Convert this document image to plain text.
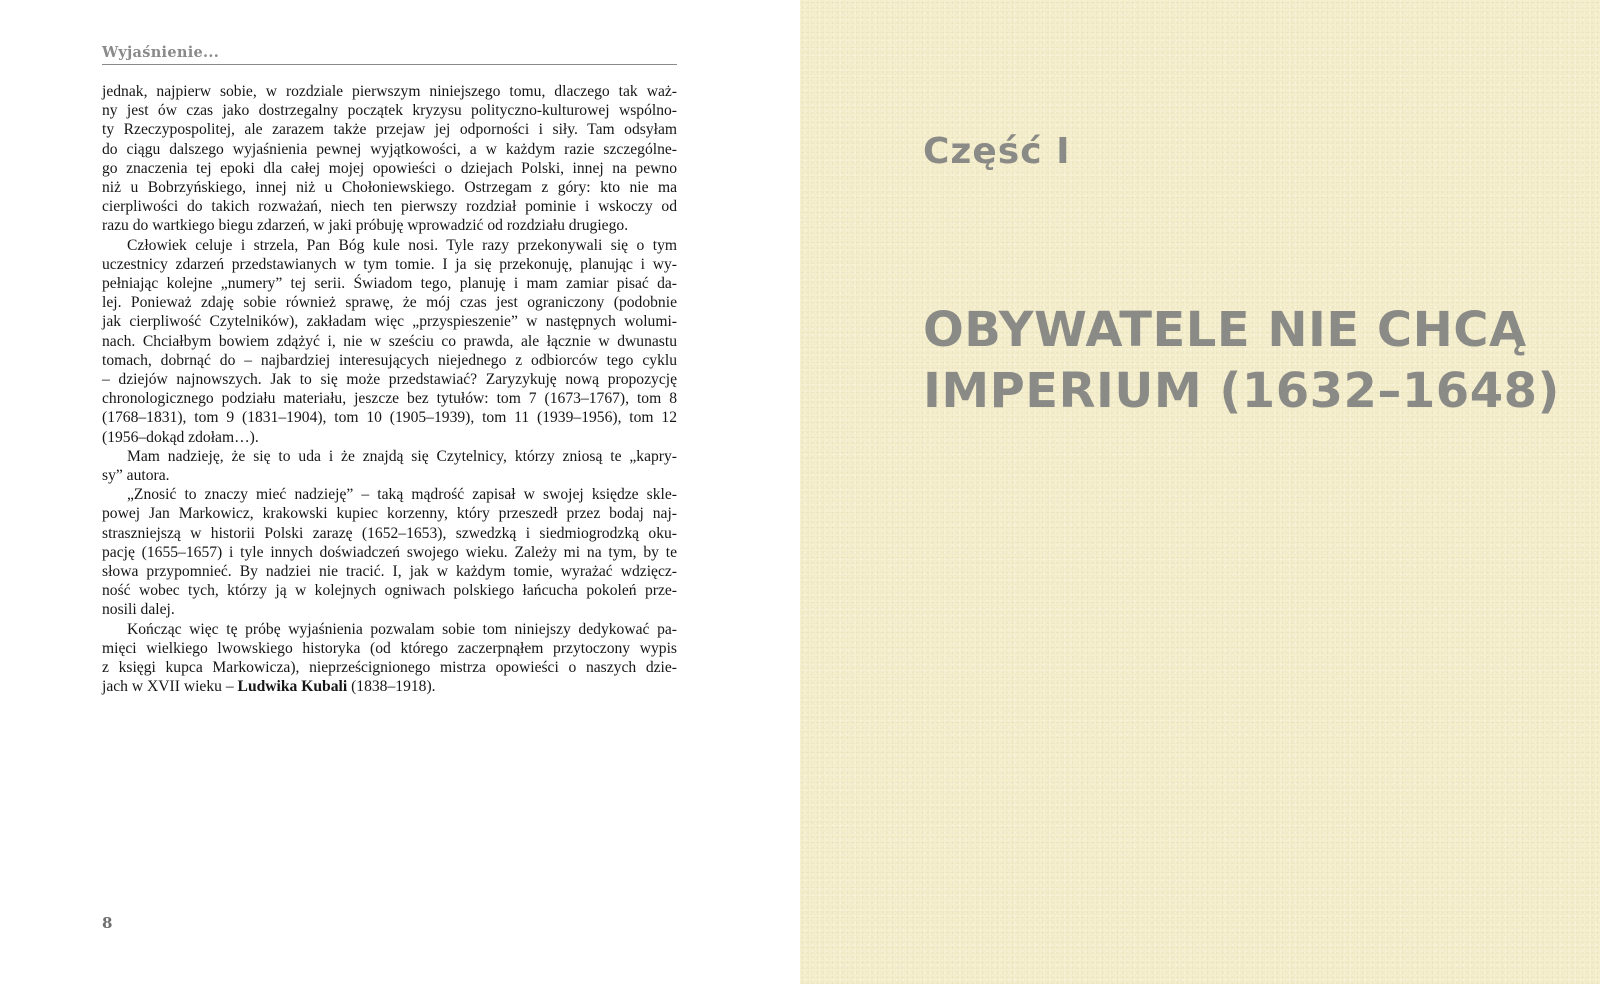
Wyjaśnienie...
jednak, najpierw sobie, w rozdziale pierwszym niniejszego tomu, dlaczego tak waż-
ny jest ów czas jako dostrzegalny początek kryzysu polityczno-kulturowej wspólno-
ty Rzeczypospolitej, ale zarazem także przejaw jej odporności i siły. Tam odsyłam
do ciągu dalszego wyjaśnienia pewnej wyjątkowości, a w każdym razie szczególne-
go znaczenia tej epoki dla całej mojej opowieści o dziejach Polski, innej na pewno
niż u Bobrzyńskiego, innej niż u Chołoniewskiego. Ostrzegam z góry: kto nie ma
cierpliwości do takich rozważań, niech ten pierwszy rozdział pominie i wskoczy od
razu do wartkiego biegu zdarzeń, w jaki próbuję wprowadzić od rozdziału drugiego.
Człowiek celuje i strzela, Pan Bóg kule nosi. Tyle razy przekonywali się o tym
uczestnicy zdarzeń przedstawianych w tym tomie. I ja się przekonuję, planując i wy-
pełniając kolejne „numery” tej serii. Świadom tego, planuję i mam zamiar pisać da-
lej. Ponieważ zdaję sobie również sprawę, że mój czas jest ograniczony (podobnie
jak cierpliwość Czytelników), zakładam więc „przyspieszenie” w następnych wolumi-
nach. Chciałbym bowiem zdążyć i, nie w sześciu co prawda, ale łącznie w dwunastu
tomach, dobrnąć do – najbardziej interesujących niejednego z odbiorców tego cyklu
– dziejów najnowszych. Jak to się może przedstawiać? Zaryzykuję nową propozycję
chronologicznego podziału materiału, jeszcze bez tytułów: tom 7 (1673–1767), tom 8
(1768–1831), tom 9 (1831–1904), tom 10 (1905–1939), tom 11 (1939–1956), tom 12
(1956–dokąd zdołam…).
Mam nadzieję, że się to uda i że znajdą się Czytelnicy, którzy zniosą te „kapry-
sy” autora.
„Znosić to znaczy mieć nadzieję” – taką mądrość zapisał w swojej księdze skle-
powej Jan Markowicz, krakowski kupiec korzenny, który przeszedł przez bodaj naj-
straszniejszą w historii Polski zarazę (1652–1653), szwedzką i siedmiogrodzką oku-
pację (1655–1657) i tyle innych doświadczeń swojego wieku. Zależy mi na tym, by te
słowa przypomnieć. By nadziei nie tracić. I, jak w każdym tomie, wyrażać wdzięcz-
ność wobec tych, którzy ją w kolejnych ogniwach polskiego łańcucha pokoleń prze-
nosili dalej.
Kończąc więc tę próbę wyjaśnienia pozwalam sobie tom niniejszy dedykować pa-
mięci wielkiego lwowskiego historyka (od którego zaczerpnąłem przytoczony wypis
z księgi kupca Markowicza), nieprześcignionego mistrza opowieści o naszych dzie-
jach w XVII wieku – Ludwika Kubali (1838–1918).
8
Część I
OBYWATELE NIE CHCĄ
IMPERIUM (1632–1648)
